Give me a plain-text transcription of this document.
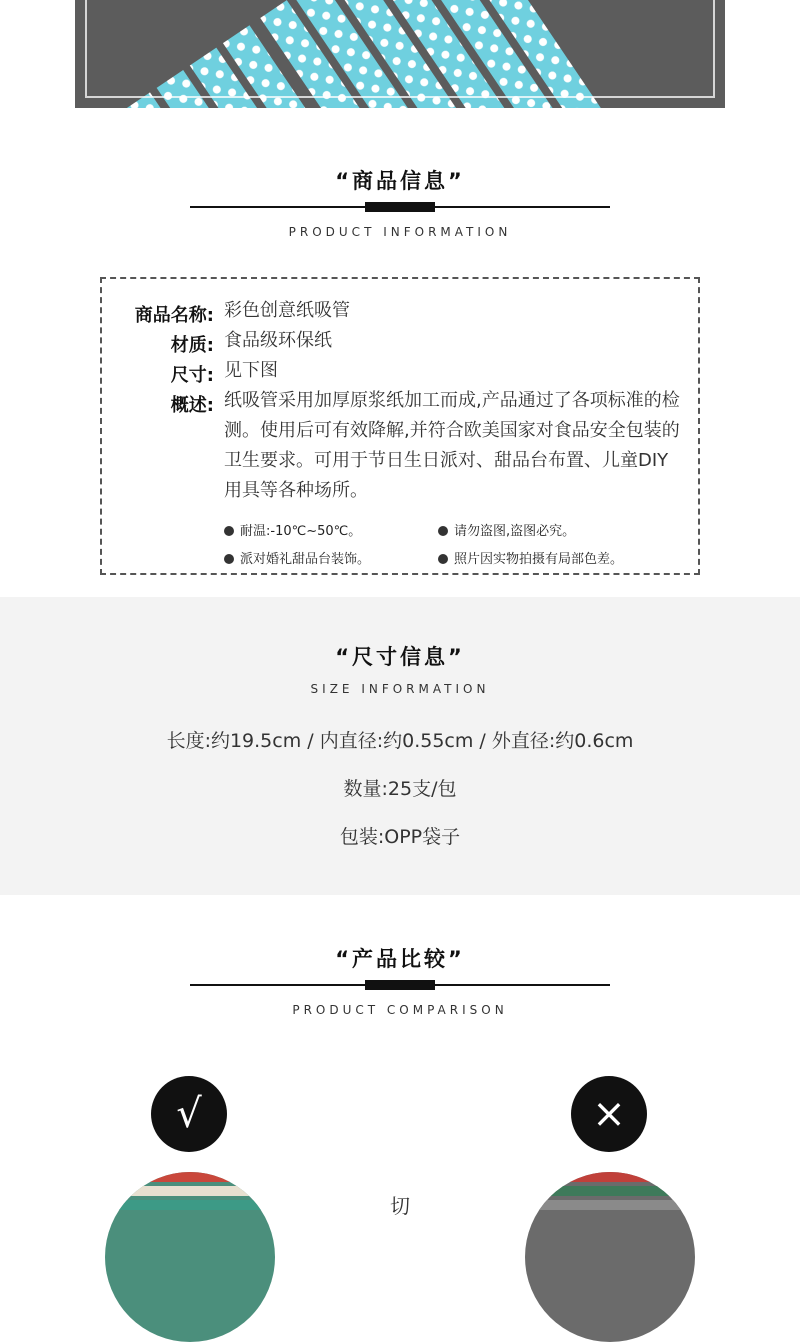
“商品信息”
PRODUCT INFORMATION
商品名称: 彩色创意纸吸管
材质: 食品级环保纸
尺寸: 见下图
概述: 纸吸管采用加厚原浆纸加工而成,产品通过了各项标准的检测。使用后可有效降解,并符合欧美国家对食品安全包装的卫生要求。可用于节日生日派对、甜品台布置、儿童DIY用具等各种场所。
耐温:-10℃~50℃。	请勿盗图,盗图必究。
派对婚礼甜品台装饰。	照片因实物拍摄有局部色差。
“尺寸信息”
SIZE INFORMATION
长度:约19.5cm / 内直径:约0.55cm / 外直径:约0.6cm
数量:25支/包
包装:OPP袋子
“产品比较”
PRODUCT COMPARISON
√	×
切
